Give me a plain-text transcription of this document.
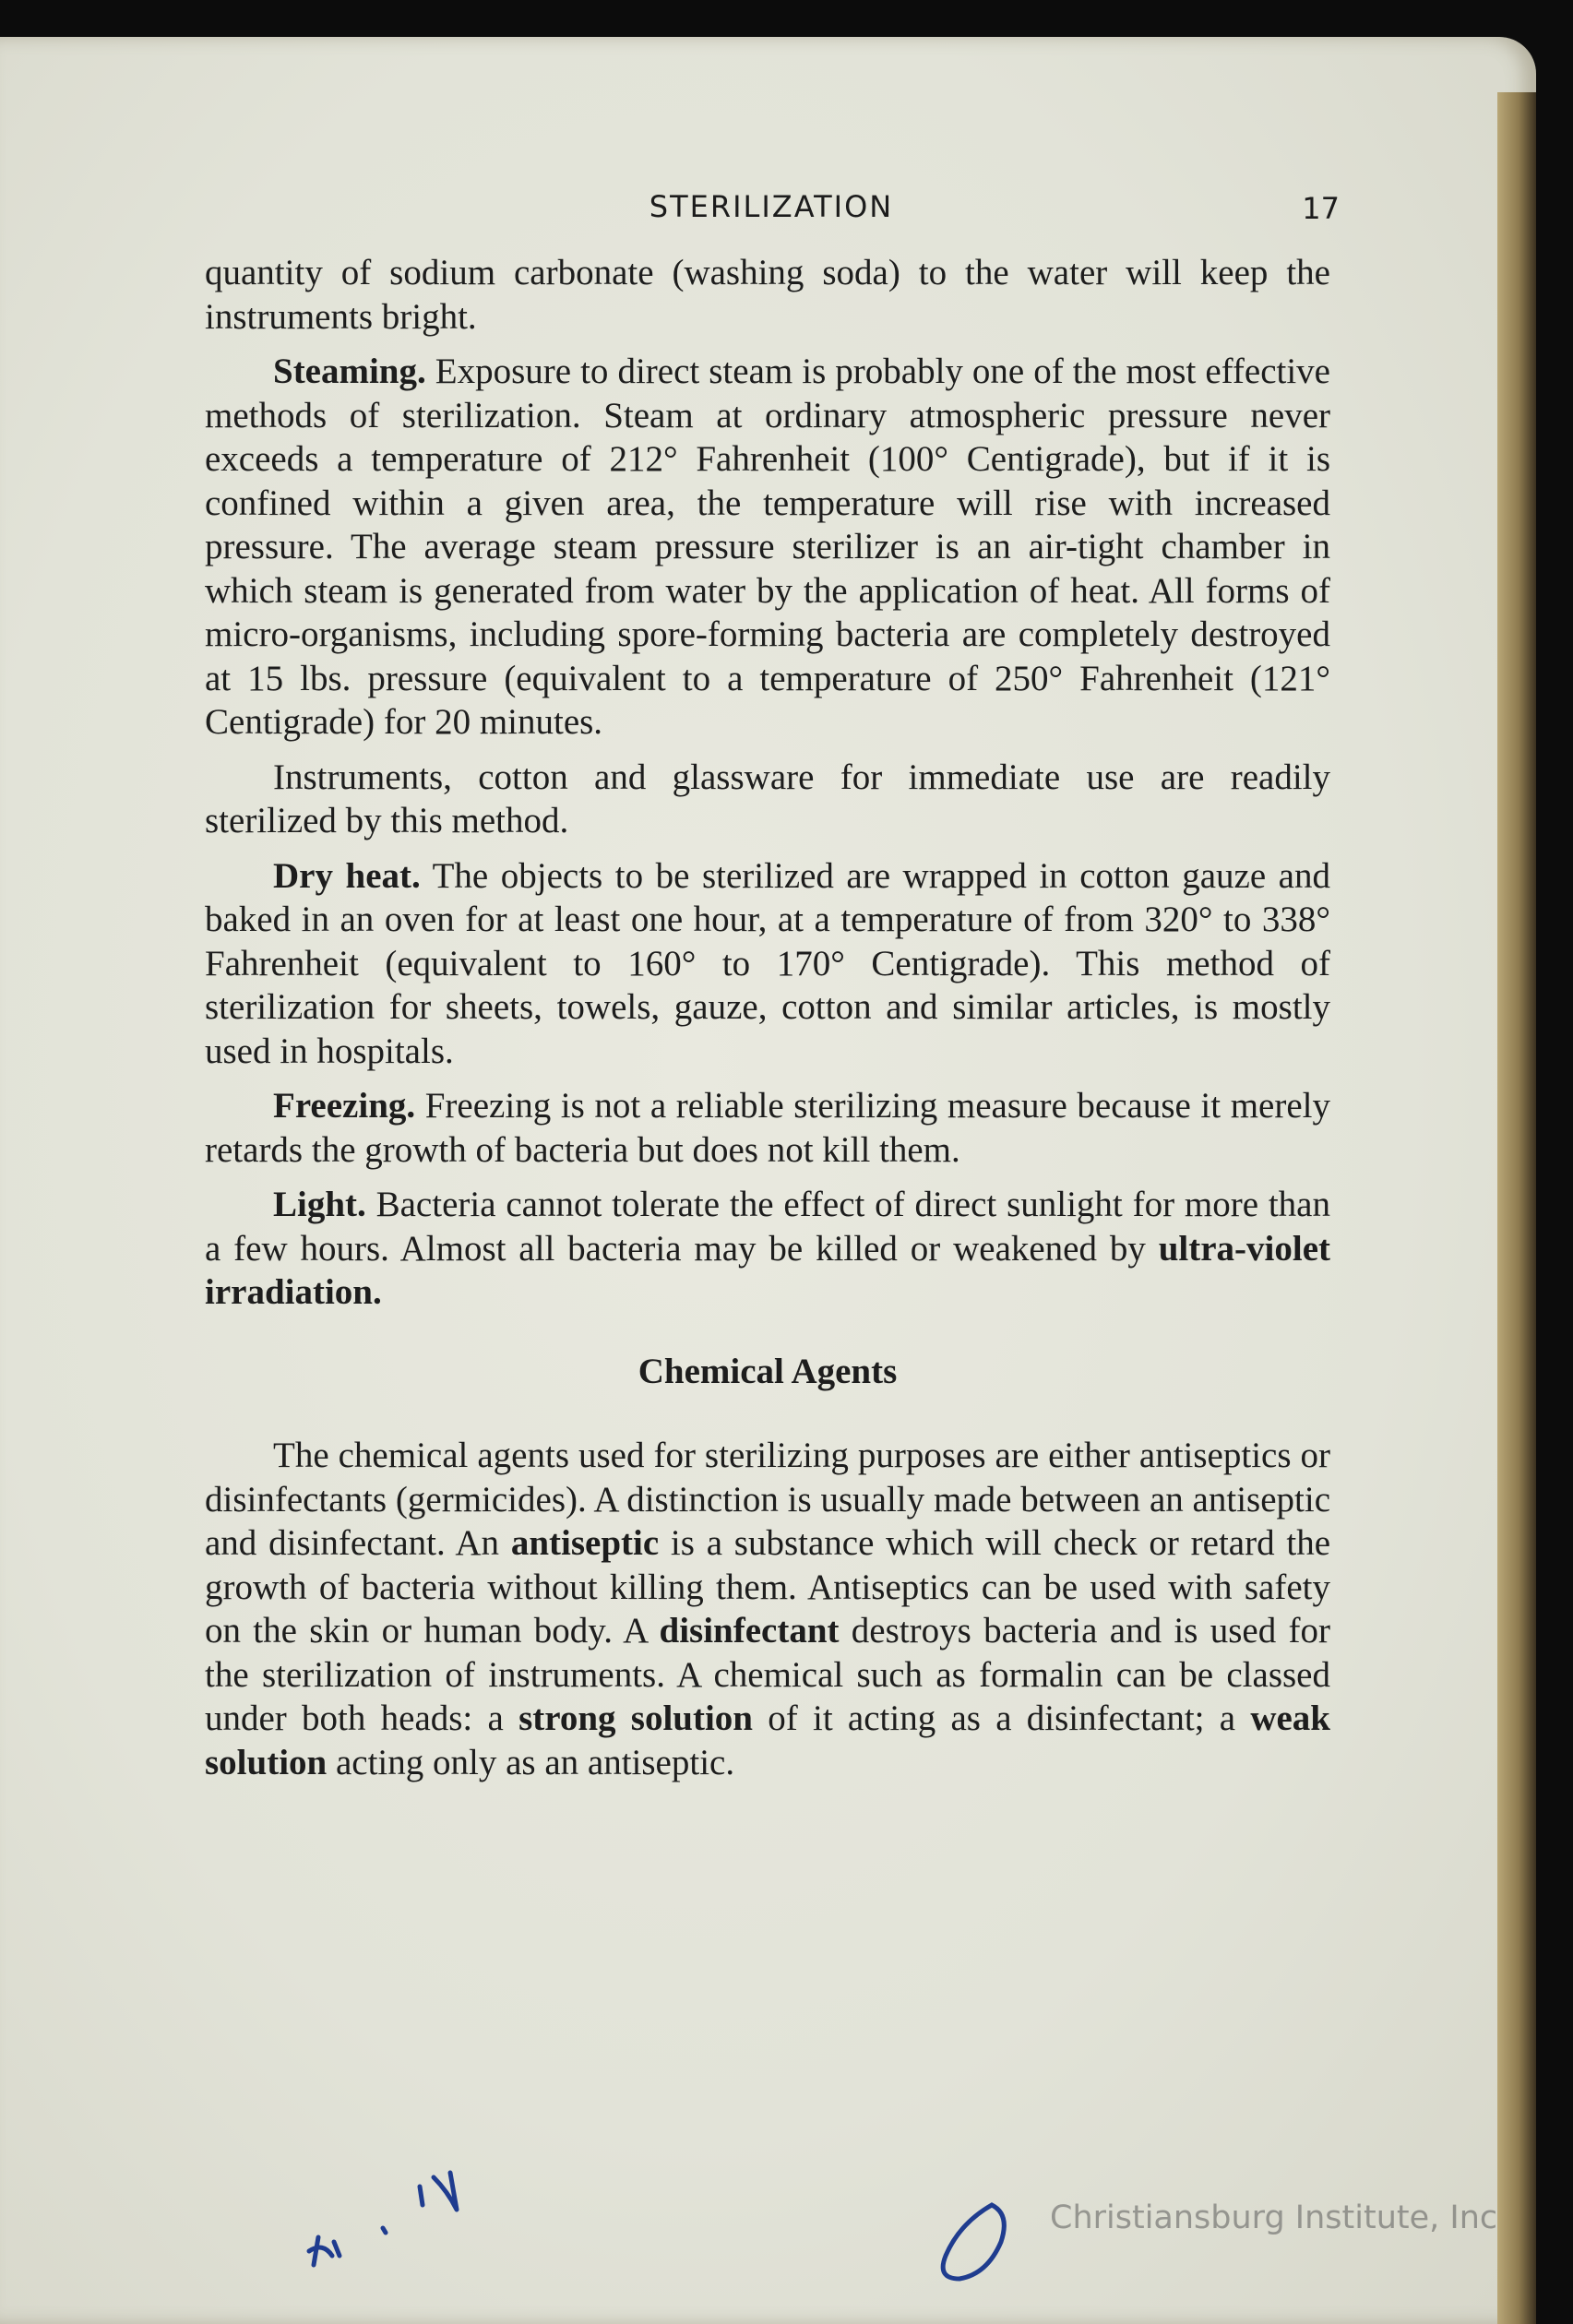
STERILIZATION	17

quantity of sodium carbonate (washing soda) to the water will keep the instruments bright.

Steaming. Exposure to direct steam is probably one of the most effective methods of sterilization. Steam at ordinary atmospheric pressure never exceeds a temperature of 212° Fahrenheit (100° Centigrade), but if it is confined within a given area, the temperature will rise with increased pressure. The average steam pressure sterilizer is an air-tight chamber in which steam is generated from water by the application of heat. All forms of micro-organisms, including spore-forming bacteria are completely destroyed at 15 lbs. pressure (equivalent to a temperature of 250° Fahrenheit (121° Centigrade) for 20 minutes.

Instruments, cotton and glassware for immediate use are readily sterilized by this method.

Dry heat. The objects to be sterilized are wrapped in cotton gauze and baked in an oven for at least one hour, at a temperature of from 320° to 338° Fahrenheit (equivalent to 160° to 170° Centigrade). This method of sterilization for sheets, towels, gauze, cotton and similar articles, is mostly used in hospitals.

Freezing. Freezing is not a reliable sterilizing measure because it merely retards the growth of bacteria but does not kill them.

Light. Bacteria cannot tolerate the effect of direct sunlight for more than a few hours. Almost all bacteria may be killed or weakened by ultra-violet irradiation.

Chemical Agents

The chemical agents used for sterilizing purposes are either antiseptics or disinfectants (germicides). A distinction is usually made between an antiseptic and disinfectant. An antiseptic is a substance which will check or retard the growth of bacteria without killing them. Antiseptics can be used with safety on the skin or human body. A disinfectant destroys bacteria and is used for the sterilization of instruments. A chemical such as formalin can be classed under both heads: a strong solution of it acting as a disinfectant; a weak solution acting only as an antiseptic.

Christiansburg Institute, Inc
